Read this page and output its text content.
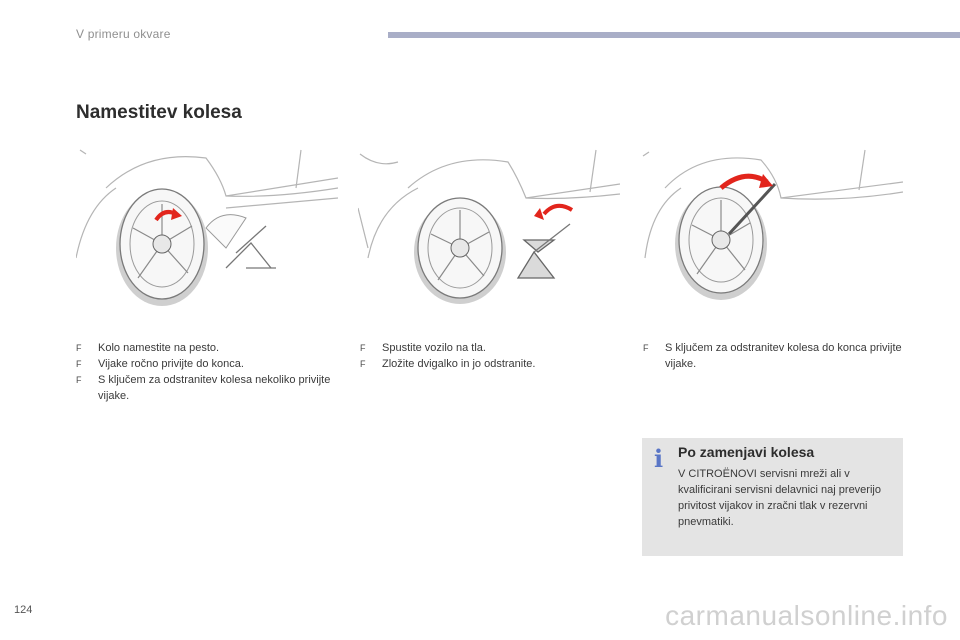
V primeru okvare
Namestitev kolesa
F Kolo namestite na pesto.
F Vijake ročno privijte do konca.
F S ključem za odstranitev kolesa nekoliko privijte vijake.
F Spustite vozilo na tla.
F Zložite dvigalko in jo odstranite.
F S ključem za odstranitev kolesa do konca privijte vijake.
i Po zamenjavi kolesa
V CITROËNOVI servisni mreži ali v kvalificirani servisni delavnici naj preverijo privitost vijakov in zračni tlak v rezervni pnevmatiki.
124	carmanualsonline.info
